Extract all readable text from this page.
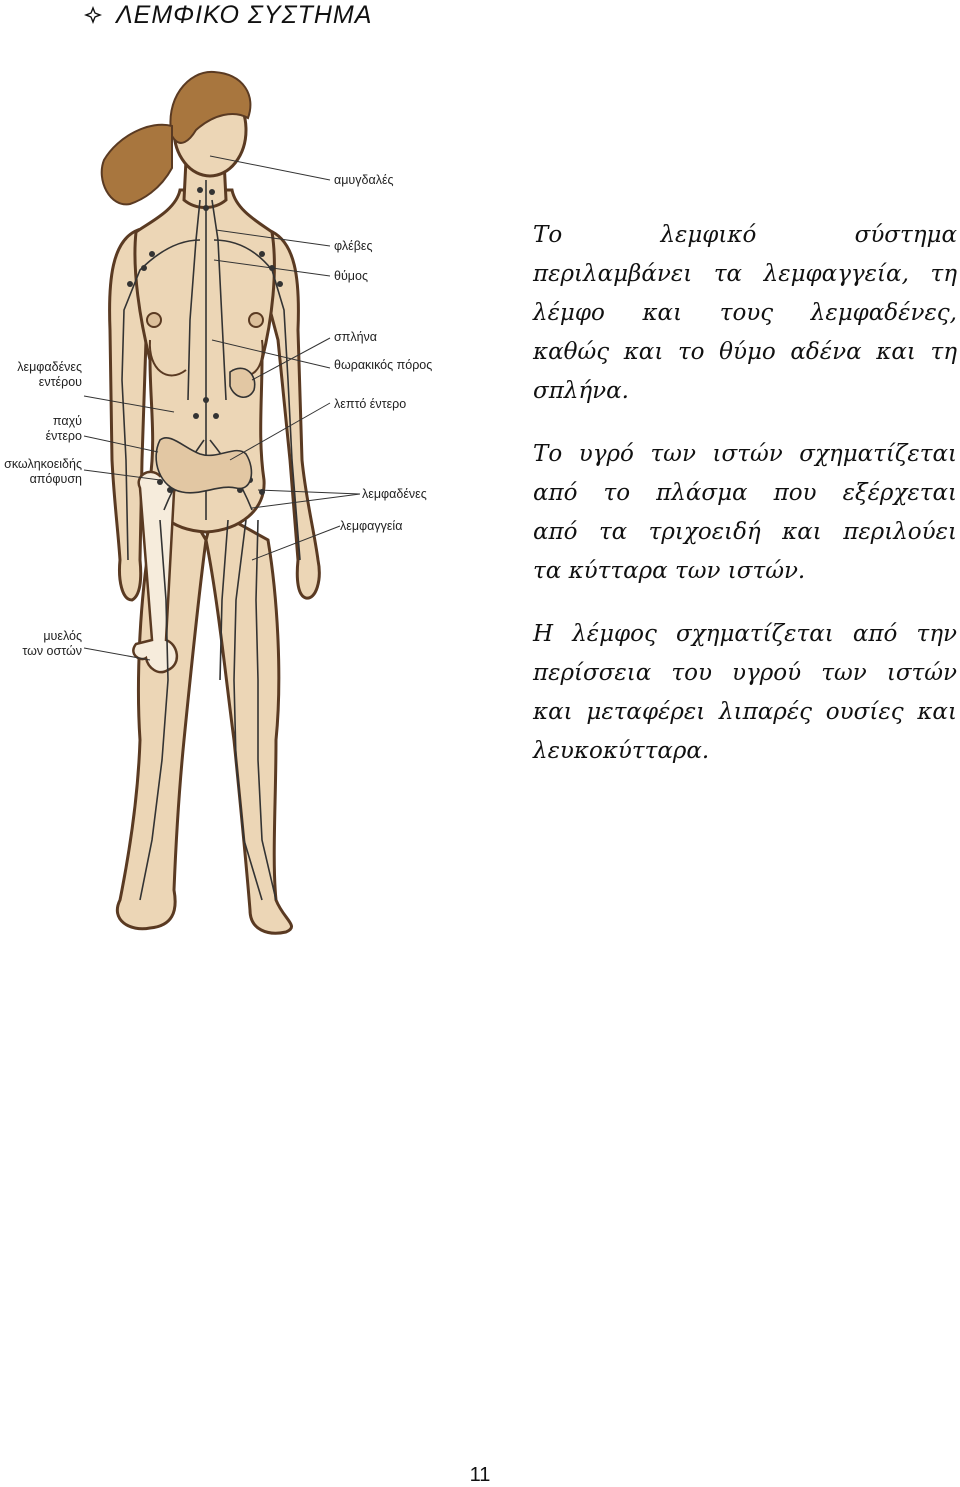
ΛΕΜΦΙΚΟ ΣΥΣΤΗΜΑ
αμυγδαλές
φλέβες
θύμος
σπλήνα
θωρακικός πόρος
λεπτό έντερο
λεμφαδένες
λεμφαγγεία
λεμφαδένες εντέρου
παχύ έντερο
σκωληκοειδής απόφυση
μυελός των οστών

Το λεμφικό σύστημα
περιλαμβάνει τα λεμφαγγεία, τη
λέμφο και τους λεμφαδένες,
καθώς και το θύμο αδένα και τη
σπλήνα.

Το υγρό των ιστών σχηματίζεται
από το πλάσμα που εξέρχεται
από τα τριχοειδή και περιλούει
τα κύτταρα των ιστών.

Η λέμφος σχηματίζεται από την
περίσσεια του υγρού των ιστών
και μεταφέρει λιπαρές ουσίες και
λευκοκύτταρα.

11
